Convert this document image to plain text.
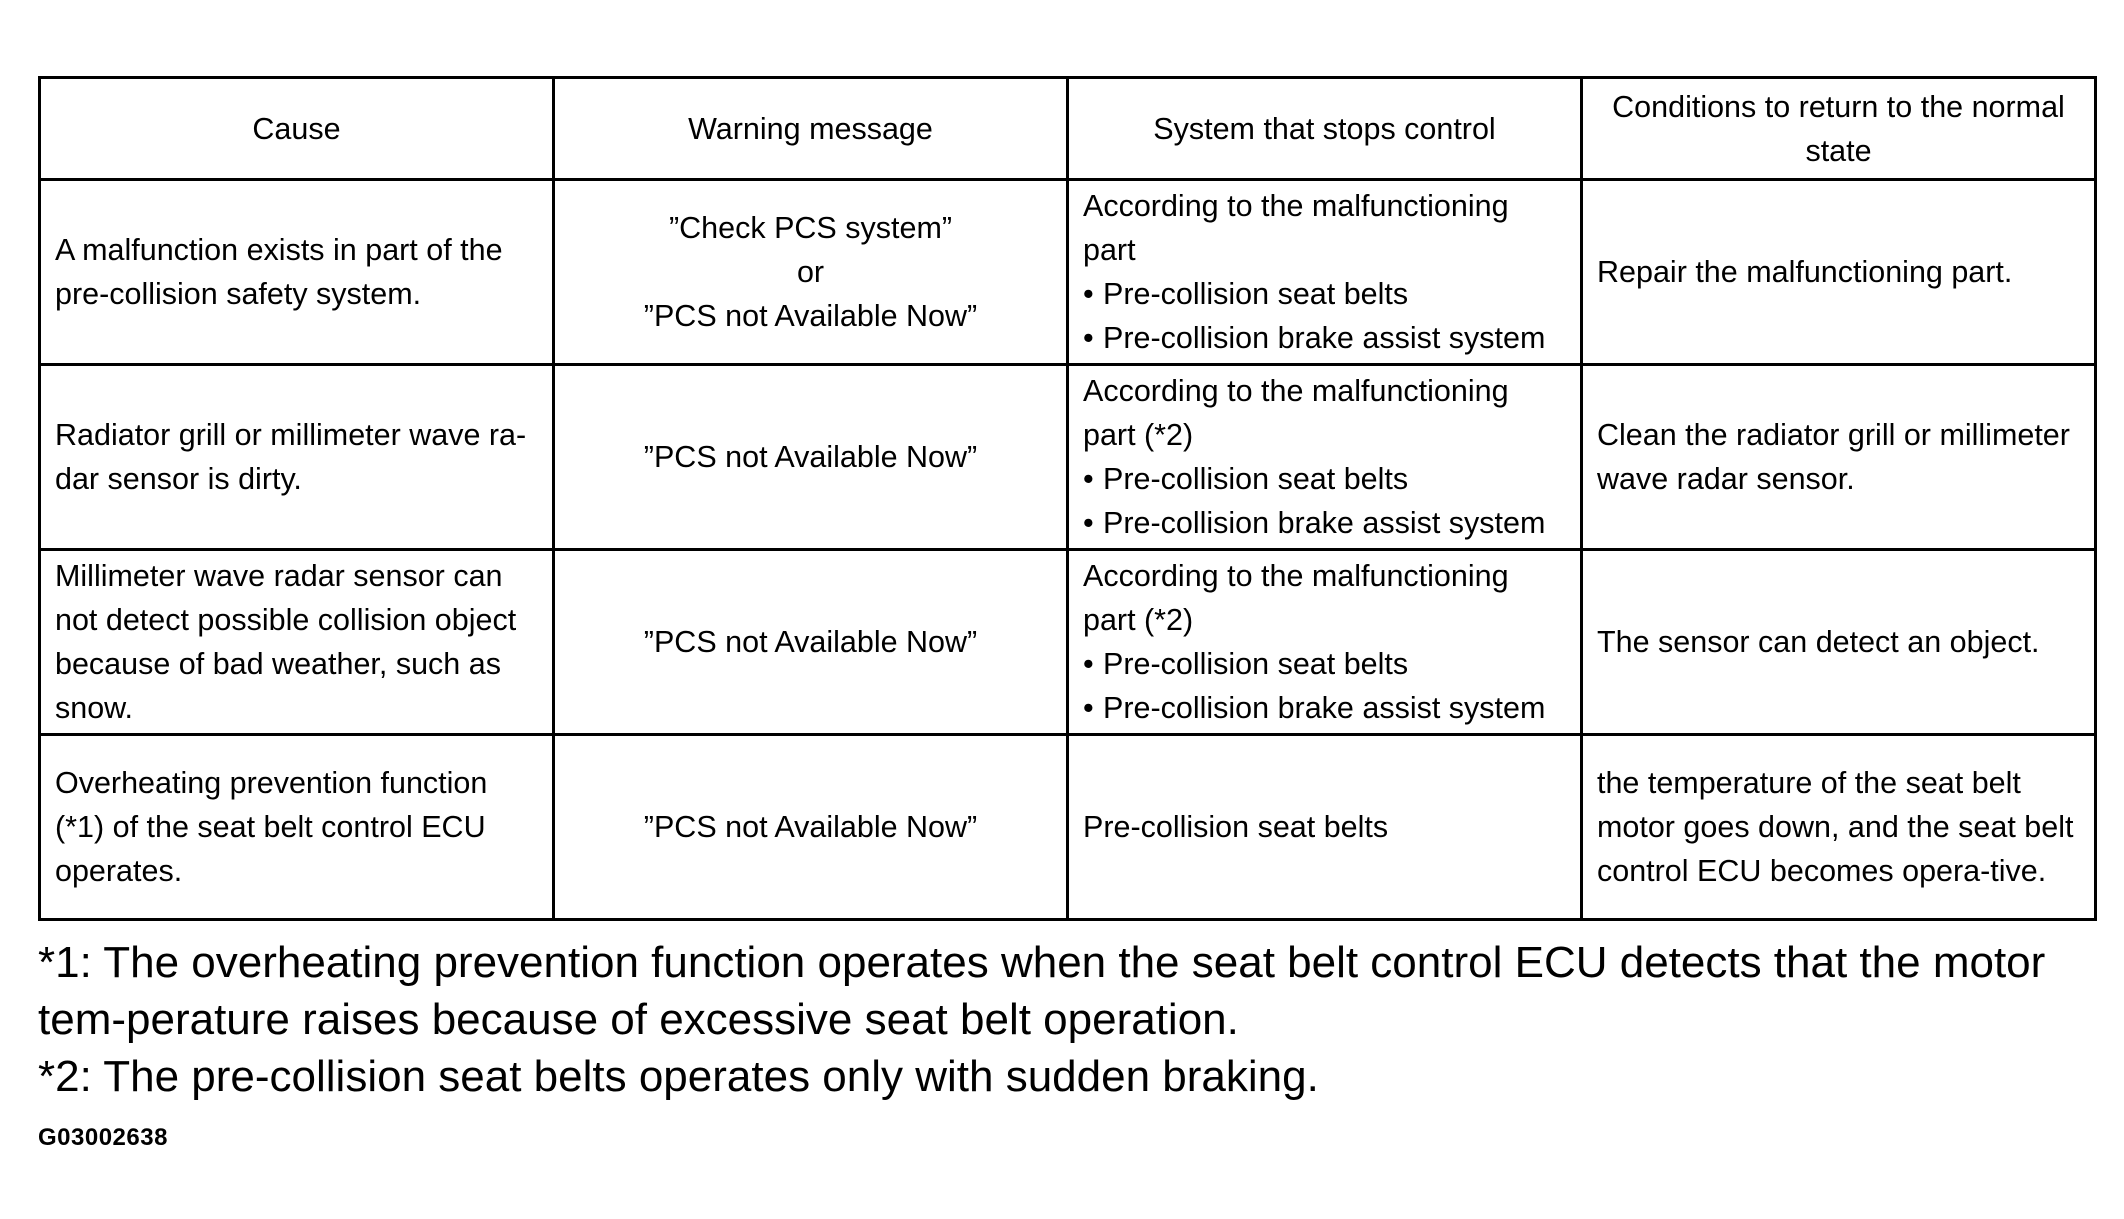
Cause	Warning message	System that stops control	Conditions to return to the normal
state

A malfunction exists in part of the pre-collision safety system.	”Check PCS system”
or
”PCS not Available Now”	According to the malfunctioning
part
• Pre-collision seat belts
• Pre-collision brake assist system	Repair the malfunctioning part.
Radiator grill or millimeter wave ra-dar sensor is dirty.	”PCS not Available Now”	According to the malfunctioning
part (*2)
• Pre-collision seat belts
• Pre-collision brake assist system	Clean the radiator grill or millimeter wave radar sensor.
Millimeter wave radar sensor can not detect possible collision object because of bad weather, such as snow.	”PCS not Available Now”	According to the malfunctioning
part (*2)
• Pre-collision seat belts
• Pre-collision brake assist system	The sensor can detect an object.
Overheating prevention function (*1) of the seat belt control ECU operates.	”PCS not Available Now”	Pre-collision seat belts	the temperature of the seat belt motor goes down, and the seat belt control ECU becomes opera-tive.
*1: The overheating prevention function operates when the seat belt control ECU detects that the motor tem-perature raises because of excessive seat belt operation.
*2: The pre-collision seat belts operates only with sudden braking.
G03002638
